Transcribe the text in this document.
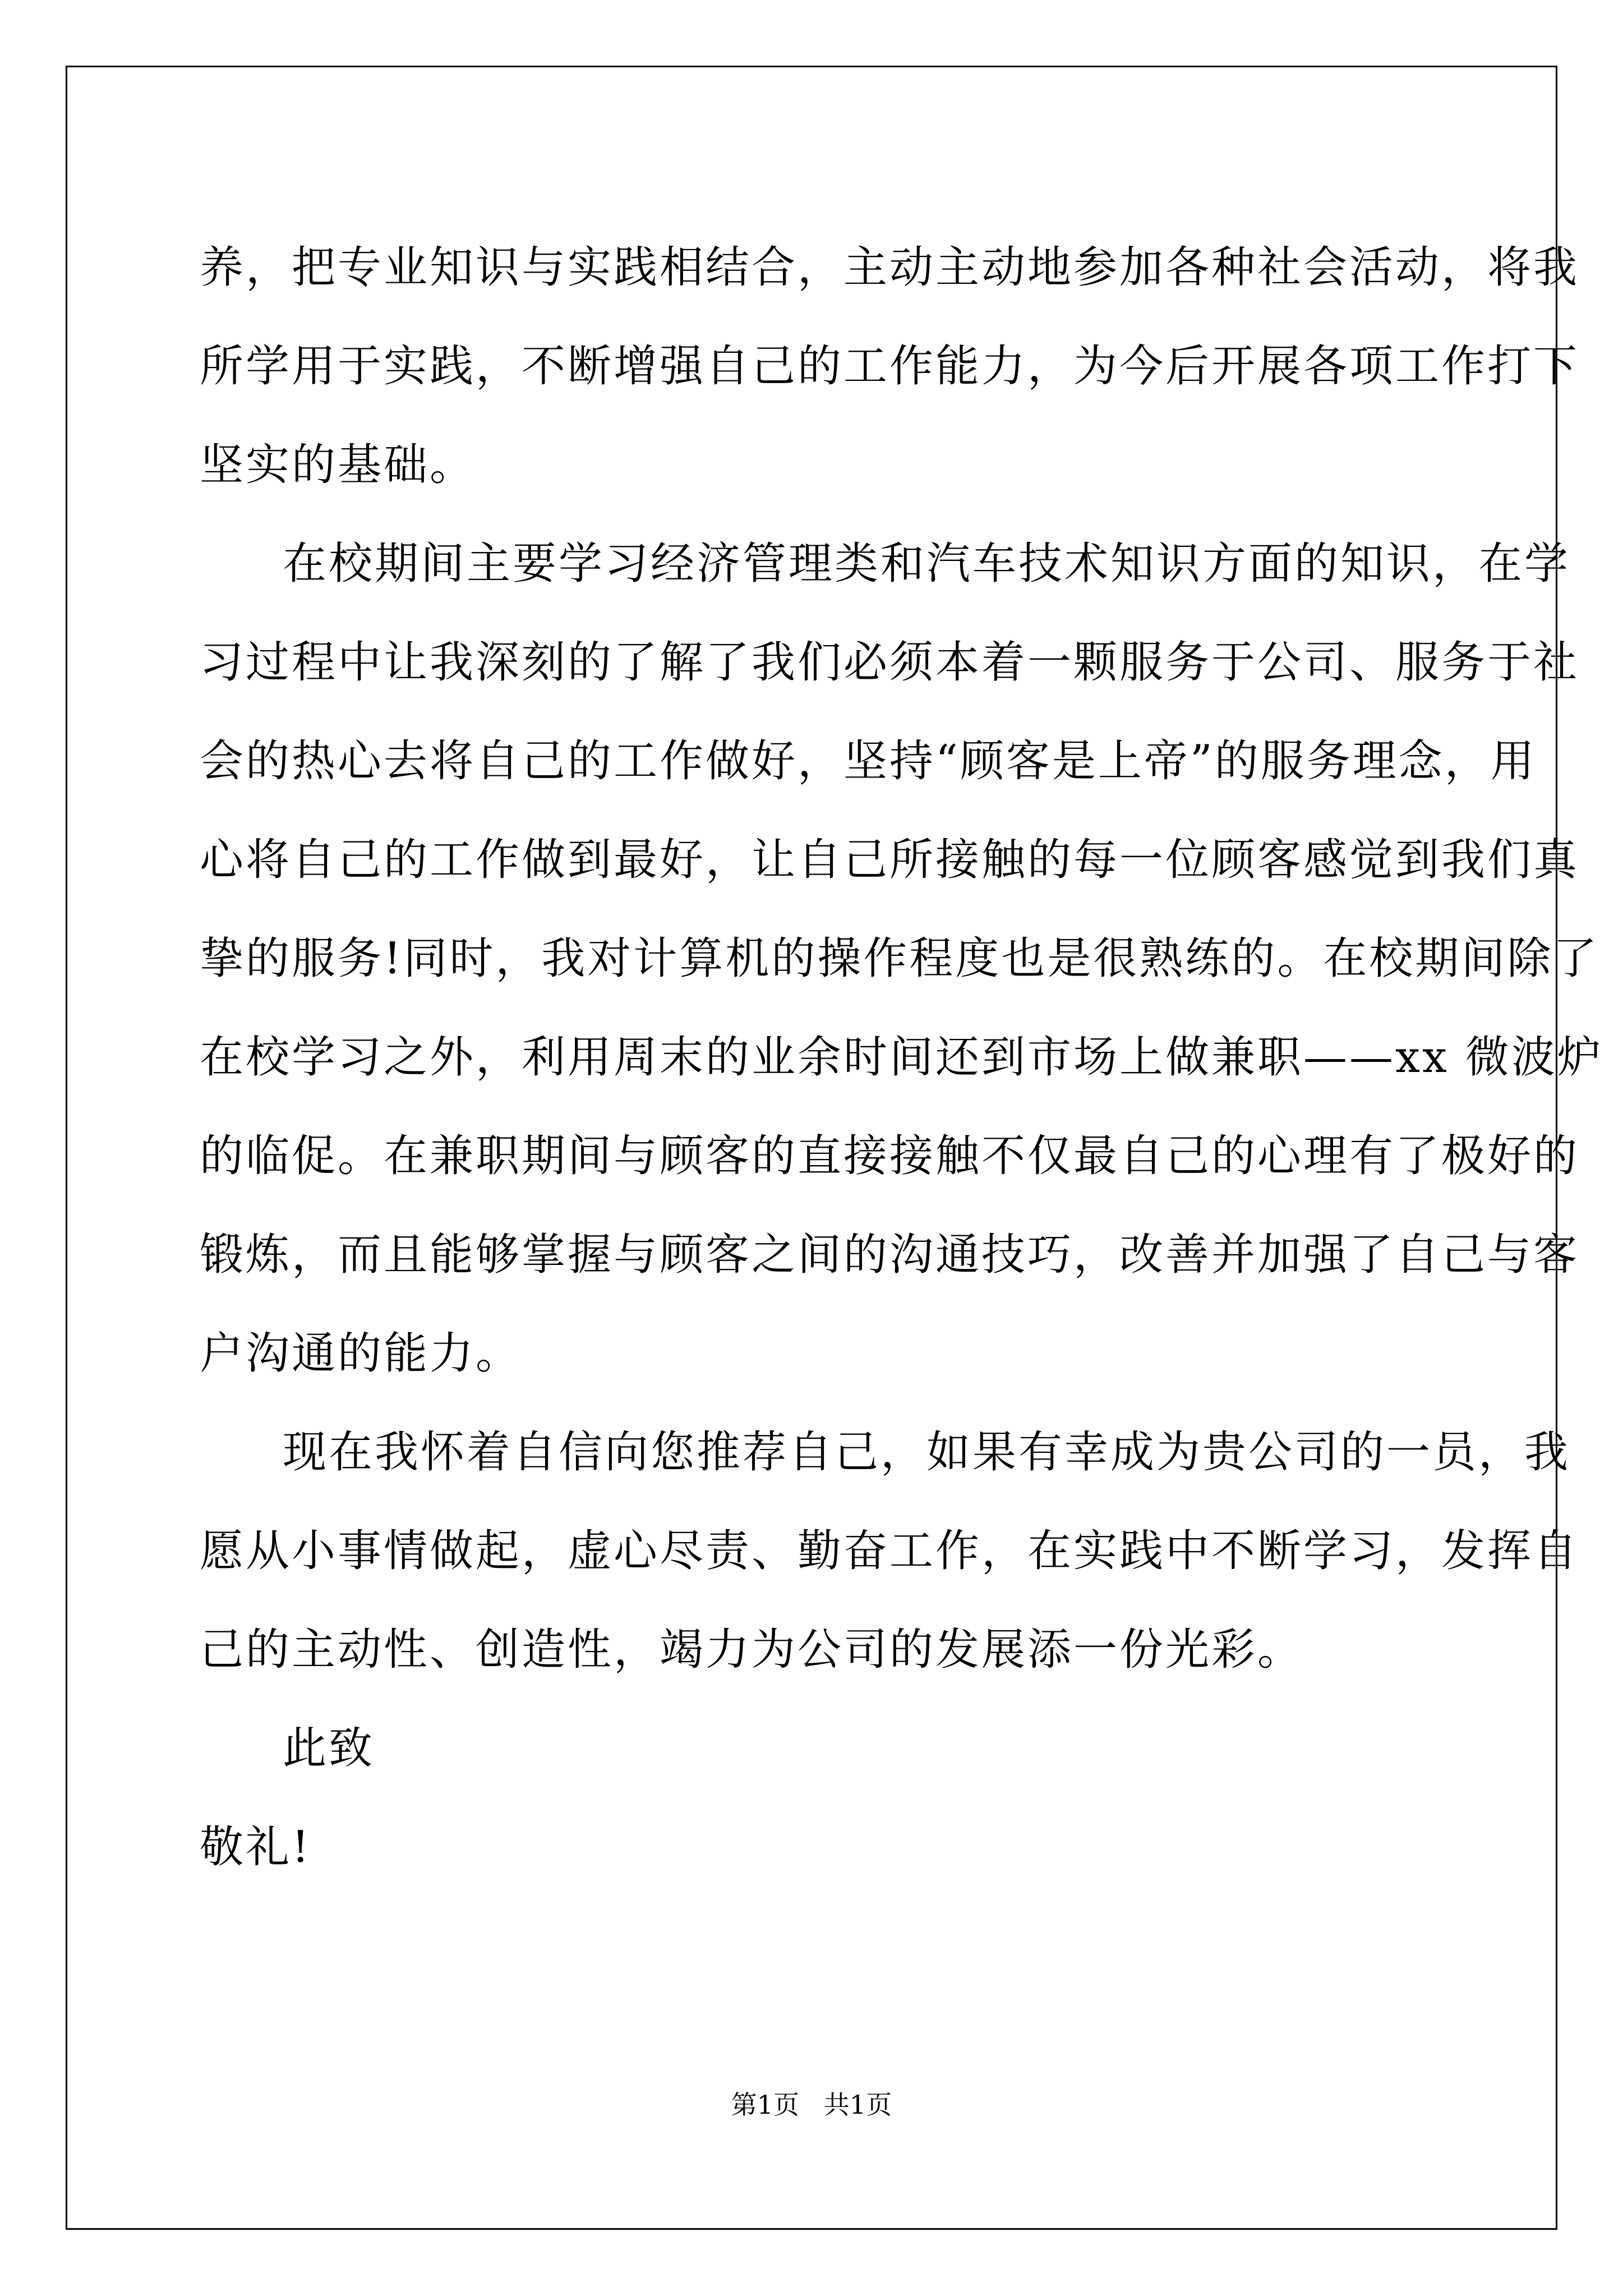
养，把专业知识与实践相结合，主动主动地参加各种社会活动，将我
所学用于实践，不断增强自己的工作能力，为今后开展各项工作打下
坚实的基础。
在校期间主要学习经济管理类和汽车技术知识方面的知识，在学
习过程中让我深刻的了解了我们必须本着一颗服务于公司、服务于社
会的热心去将自己的工作做好，坚持“顾客是上帝”的服务理念，用
心将自己的工作做到最好，让自己所接触的每一位顾客感觉到我们真
挚的服务!同时，我对计算机的操作程度也是很熟练的。在校期间除了
在校学习之外，利用周末的业余时间还到市场上做兼职——xx 微波炉
的临促。在兼职期间与顾客的直接接触不仅最自己的心理有了极好的
锻炼，而且能够掌握与顾客之间的沟通技巧，改善并加强了自己与客
户沟通的能力。
现在我怀着自信向您推荐自己，如果有幸成为贵公司的一员，我
愿从小事情做起，虚心尽责、勤奋工作，在实践中不断学习，发挥自
己的主动性、创造性，竭力为公司的发展添一份光彩。
此致
敬礼!
第1页   共1页
